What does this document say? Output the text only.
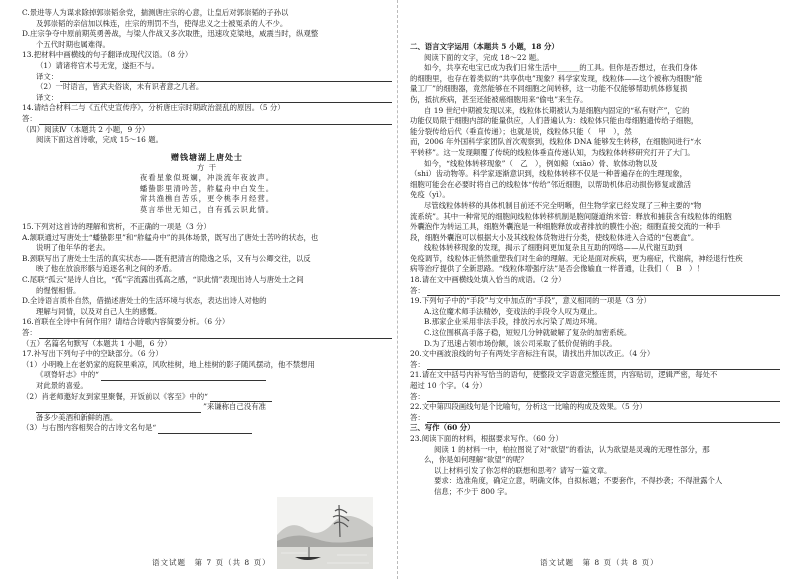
C.景进等人为谋求除掉郭崇韬余党，揣测唐庄宗的心意，让皇后对郭崇韬的子孙以

及郭崇韬的亲信加以株连，庄宗的刑罚不当，使得忠义之士被冤杀的人不少。

D.庄宗争夺中原前期英勇善战，与梁人作战又多次取胜，迅速攻克梁地，威震当时，纵观整

个五代时期也属难得。

13.把材料中画横线的句子翻译成现代汉语。（8 分）

（1）请诸将官术号无宠，遂拒不与。

译文：

（2）一时语言，皆武夫俗谈，未有识者意之几者。

译文：

14.请结合材料二与《五代史宣传序》，分析唐庄宗时期政治混乱的原因。（5 分）

答：

（四）阅读Ⅳ（本题共 2 小题，9 分）

阅读下面这首诗歌，完成 15～16 题。

赠钱塘湖上唐处士

方 干

夜看星象似斑斓，冲淡流年夜波声。

蟠蛰影里清吟苦，舴艋舟中白发生。

常共渔樵自苦乐，更令桃李月经营。

莫言举世无知己，自有孤云识此情。

15.下列对这首诗的理解和赏析，不正确的一项是（3 分）

A.颔联通过写唐处士“蟠蛰影里”和“舴艋舟中”的具体场景，既写出了唐处士苦吟的状态，也

说明了他年华的老去。

B.颈联写出了唐处士生活的真实状态——既有把清言的隐逸之乐，又有与公卿交往，以反

映了他在放浪形骸与追逐名利之间的矛盾。

C.尾联“孤云”是诗人自比，“孤”字流露出孤高之感，“识此情”表现出诗人与唐处士之间

的惺惺相惜。

D.全诗语言质朴自然，借描述唐处士的生活环境与状态，表达出诗人对他的

理解与同情，以及对自己人生的感慨。

16.首联在全诗中有何作用？请结合诗歌内容简要分析。（6 分）

答：

（五）名篇名句默写（本题共 1 小题，6 分）

17.补写出下列句子中的空缺部分。（6 分）

（1）小明晚上在老奶家的庭院里乘凉，风吹桂树，地上桂树的影子随风摆动，他不禁想用

《项脊轩志》中的“

对此景的喜爱。

（2）肖老师邀好友到家里聚餐，开饭前以《客至》中的“
”来谦称自己没有准

备多少美酒和新鲜的酒。

（3）与右图内容相契合的古诗文名句是“
语文试题　第 7 页（共 8 页）

二、语言文字运用（本题共 5 小题，18 分）

阅读下面的文字，完成 18～22 题。

如今，共享充电宝已成为我们日常生活中______的工具。但你是否想过，在我们身体

的细胞里，也存在着类似的“共享供电”现象？科学家发现，线粒体——这个被称为细胞“能

量工厂”的细胞器，竟然能够在不同细胞之间转移，这一功能不仅能够帮助机体修复损

伤，抵抗疾病，甚至还能被癌细胞用来“偷电”来生存。

自 19 世纪中期被发现以来，线粒体长期被认为是细胞内固定的“私有财产”，它的

功能仅局限于细胞内部的能量供应，人们普遍认为：线粒体只能由母细胞遗传给子细胞，

能分裂传给后代（垂直传递）；也就是说，线粒体只能（　甲　），然

而，2006 年外国科学家团队首次观察到，线粒体 DNA 能够发生转移，在细胞间进行“水

平转移”。这一发现颠覆了传统的线粒体垂直传递认知，为线粒体转移研究打开了大门。

如今，“线粒体转移现象”（　乙　），例如鲸（xiāo）骨、软体动物以及

（shi）齿动物等。科学家逐渐意识到，线粒体转移不仅是一种普遍存在的生理现象，

细胞可能会在必要时将自己的线粒体“传给”邻近细胞，以帮助机体启动损伤修复或激活

免疫（yì）。

尽管线粒体转移的具体机制目前还不完全明晰，但生物学家已经发现了三种主要的“物

流系统”。其中一种常见的细胞间线粒体转移机制是胞间隧道纳米管：释放和捕获含有线粒体的细胞

外囊泡作为转运工具，细胞外囊泡是一种细胞释放或者排放的膜性小泡；细胞直接交流的一种手

段，细胞外囊泡可以根据大小及其线粒体货物进行分类，使线粒体进入合适的“包裹盒”。

线粒体转移现象的发现，揭示了细胞间更加复杂且互助的网络——从代谢互助到

免疫调节，线粒体正悄然重塑我们对生命的理解。无论是面对疾病，更为癌症，代谢病，神经退行性疾

病等治疗提供了全新思路。“线粒体增强疗法”是否会像输血一样普通，让我们（　B　）！

18.请在文中画横线处填入恰当的成语。（2 分）

答：

19.下列句子中的“手段”与文中加点的“手段”，意义相同的一项是（3 分）

A.这位魔术师手法精妙，变戏法的手段令人叹为观止。

B.那家企业采用非法手段，排放污水污染了周边环境。

C.这位围棋高手落子稳，短短几分钟就破解了复杂的加密系统。

D.为了迅速占领市场份额，该公司采取了低价促销的手段。

20.文中画波浪线的句子有两处字音标注有误，请找出并加以改正。（4 分）

答：

21.请在文中括号内补写恰当的语句，使整段文字语意完整连贯，内容贴切，逻辑严密，每处不

超过 10 个字。（4 分）

答：

22.文中第四段画线句是个比喻句，分析这一比喻的构成及效果。（5 分）

答：

三、写作（60 分）

23.阅读下面的材料，根据要求写作。（60 分）

阅读 1 的材料一中，柏拉图说了对“欲望”的看法，认为欲望是灵魂的无理性部分，那

么，你是如何理解“欲望”的呢？

以上材料引发了你怎样的联想和思考？请写一篇文章。

要求：选准角度，确定立意，明确文体，自拟标题；不要套作，不得抄袭；不得泄露个人

信息；不少于 800 字。

语文试题　第 8 页（共 8 页）
